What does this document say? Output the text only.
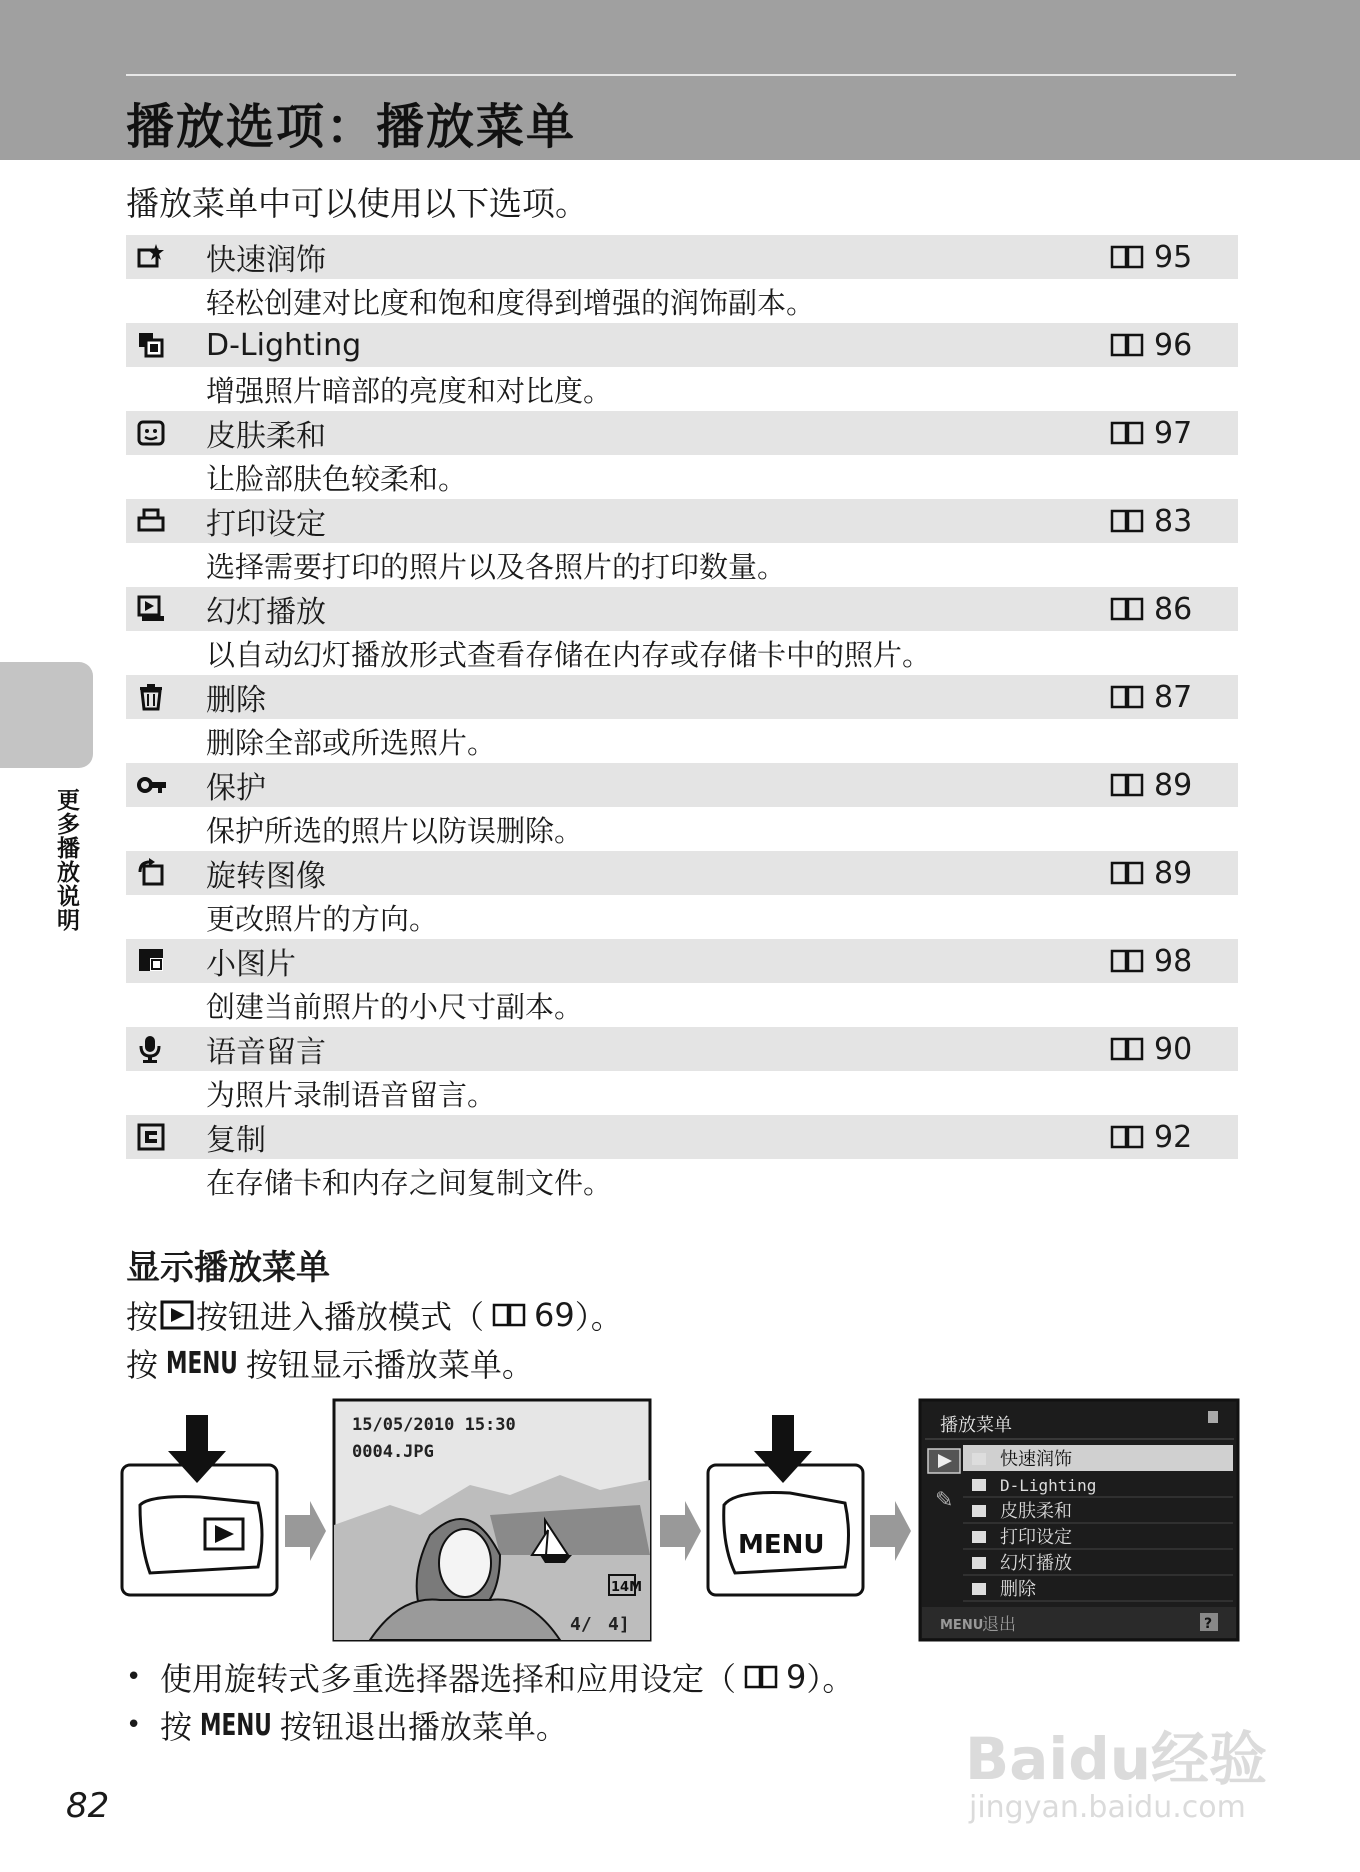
播放选项：播放菜单
更多播放说明
播放菜单中可以使用以下选项。
快速润饰	95
轻松创建对比度和饱和度得到增强的润饰副本。
D-Lighting	96
增强照片暗部的亮度和对比度。
皮肤柔和	97
让脸部肤色较柔和。
打印设定	83
选择需要打印的照片以及各照片的打印数量。
幻灯播放	86
以自动幻灯播放形式查看存储在内存或存储卡中的照片。
删除	87
删除全部或所选照片。
保护	89
保护所选的照片以防误删除。
旋转图像	89
更改照片的方向。
小图片	98
创建当前照片的小尺寸副本。
语音留言	90
为照片录制语音留言。
复制	92
在存储卡和内存之间复制文件。
显示播放菜单
按 按钮进入播放模式（ 69 ）。
按 MENU 按钮显示播放菜单。
15/05/2010 15:30
0004.JPG
14M
4/ 4]
MENU
播放菜单
✎
快速润饰
D-Lighting
皮肤柔和
打印设定
幻灯播放
删除
MENU
退出	?
• 使用旋转式多重选择器选择和应用设定（ 9 ）。
• 按 MENU 按钮退出播放菜单。
82
Baidu经验
jingyan.baidu.com
